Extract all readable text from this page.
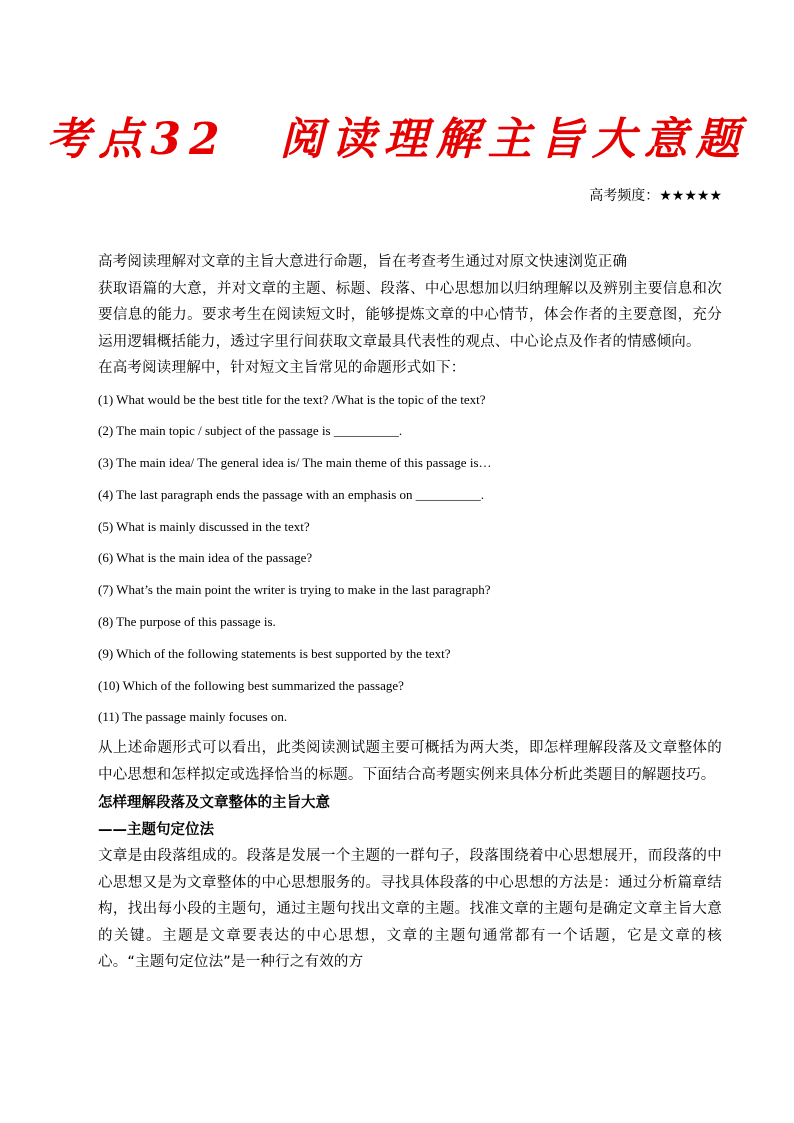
考点32　阅读理解主旨大意题
高考频度：★★★★★

高考阅读理解对文章的主旨大意进行命题，旨在考查考生通过对原文快速浏览正确

获取语篇的大意，并对文章的主题、标题、段落、中心思想加以归纳理解以及辨别主要信息和次要信息的能力。要求考生在阅读短文时，能够提炼文章的中心情节，体会作者的主要意图，充分运用逻辑概括能力，透过字里行间获取文章最具代表性的观点、中心论点及作者的情感倾向。

在高考阅读理解中，针对短文主旨常见的命题形式如下：

(1) What would be the best title for the text? /What is the topic of the text?

(2) The main topic / subject of the passage is __________.

(3) The main idea/ The general idea is/ The main theme of this passage is…

(4) The last paragraph ends the passage with an emphasis on __________.

(5) What is mainly discussed in the text?

(6) What is the main idea of the passage?

(7) What’s the main point the writer is trying to make in the last paragraph?

(8) The purpose of this passage is.

(9) Which of the following statements is best supported by the text?

(10) Which of the following best summarized the passage?

(11) The passage mainly focuses on.

从上述命题形式可以看出，此类阅读测试题主要可概括为两大类，即怎样理解段落及文章整体的中心思想和怎样拟定或选择恰当的标题。下面结合高考题实例来具体分析此类题目的解题技巧。

怎样理解段落及文章整体的主旨大意

——主题句定位法

文章是由段落组成的。段落是发展一个主题的一群句子，段落围绕着中心思想展开，而段落的中心思想又是为文章整体的中心思想服务的。寻找具体段落的中心思想的方法是：通过分析篇章结构，找出每小段的主题句，通过主题句找出文章的主题。找准文章的主题句是确定文章主旨大意的关键。主题是文章要表达的中心思想，文章的主题句通常都有一个话题，它是文章的核心。“主题句定位法”是一种行之有效的方
